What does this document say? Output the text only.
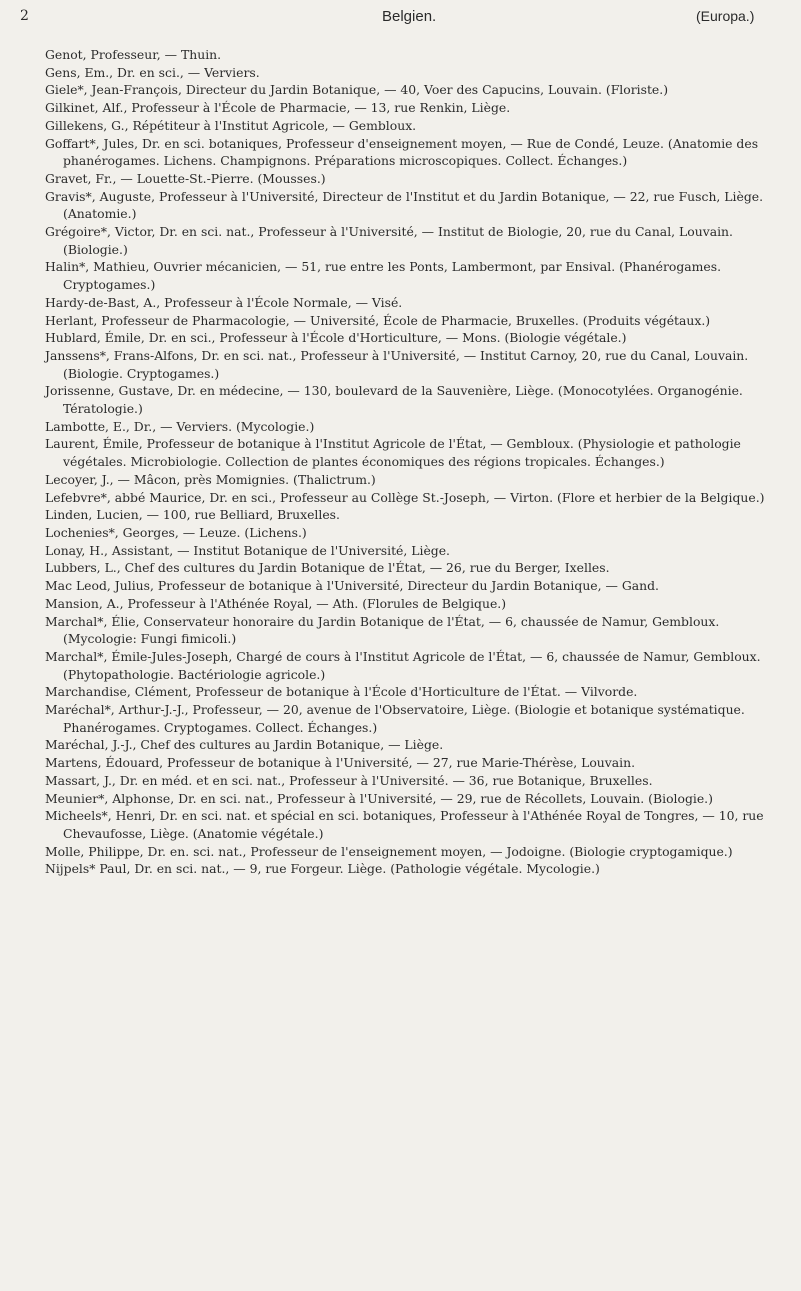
2	Belgien.	(Europa.)

Genot, Professeur, — Thuin.

Gens, Em., Dr. en sci., — Verviers.

Giele*, Jean-François, Directeur du Jardin Botanique, — 40, Voer des Capucins, Louvain. (Floriste.)

Gilkinet, Alf., Professeur à l'École de Pharmacie, — 13, rue Renkin, Liège.

Gillekens, G., Répétiteur à l'Institut Agricole, — Gembloux.

Goffart*, Jules, Dr. en sci. botaniques, Professeur d'enseignement moyen, — Rue de Condé, Leuze. (Anatomie des phanérogames. Lichens. Champignons. Préparations microscopiques. Collect. Échanges.)

Gravet, Fr., — Louette-St.-Pierre. (Mousses.)

Gravis*, Auguste, Professeur à l'Université, Directeur de l'Institut et du Jardin Botanique, — 22, rue Fusch, Liège. (Anatomie.)

Grégoire*, Victor, Dr. en sci. nat., Professeur à l'Université, — Institut de Biologie, 20, rue du Canal, Louvain. (Biologie.)

Halin*, Mathieu, Ouvrier mécanicien, — 51, rue entre les Ponts, Lambermont, par Ensival. (Phanérogames. Cryptogames.)

Hardy-de-Bast, A., Professeur à l'École Normale, — Visé.

Herlant, Professeur de Pharmacologie, — Université, École de Pharmacie, Bruxelles. (Produits végétaux.)

Hublard, Émile, Dr. en sci., Professeur à l'École d'Horticulture, — Mons. (Biologie végétale.)

Janssens*, Frans-Alfons, Dr. en sci. nat., Professeur à l'Université, — Institut Carnoy, 20, rue du Canal, Louvain. (Biologie. Cryptogames.)

Jorissenne, Gustave, Dr. en médecine, — 130, boulevard de la Sauvenière, Liège. (Monocotylées. Organogénie. Tératologie.)

Lambotte, E., Dr., — Verviers. (Mycologie.)

Laurent, Émile, Professeur de botanique à l'Institut Agricole de l'État, — Gembloux. (Physiologie et pathologie végétales. Microbiologie. Collection de plantes économiques des régions tropicales. Échanges.)

Lecoyer, J., — Mâcon, près Momignies. (Thalictrum.)

Lefebvre*, abbé Maurice, Dr. en sci., Professeur au Collège St.-Joseph, — Virton. (Flore et herbier de la Belgique.)

Linden, Lucien, — 100, rue Belliard, Bruxelles.

Lochenies*, Georges, — Leuze. (Lichens.)

Lonay, H., Assistant, — Institut Botanique de l'Université, Liège.

Lubbers, L., Chef des cultures du Jardin Botanique de l'État, — 26, rue du Berger, Ixelles.

Mac Leod, Julius, Professeur de botanique à l'Université, Directeur du Jardin Botanique, — Gand.

Mansion, A., Professeur à l'Athénée Royal, — Ath. (Florules de Belgique.)

Marchal*, Élie, Conservateur honoraire du Jardin Botanique de l'État, — 6, chaussée de Namur, Gembloux. (Mycologie: Fungi fimicoli.)

Marchal*, Émile-Jules-Joseph, Chargé de cours à l'Institut Agricole de l'État, — 6, chaussée de Namur, Gembloux. (Phytopathologie. Bactériologie agricole.)

Marchandise, Clément, Professeur de botanique à l'École d'Horticulture de l'État. — Vilvorde.

Maréchal*, Arthur-J.-J., Professeur, — 20, avenue de l'Observatoire, Liège. (Biologie et botanique systématique. Phanérogames. Cryptogames. Collect. Échanges.)

Maréchal, J.-J., Chef des cultures au Jardin Botanique, — Liège.

Martens, Édouard, Professeur de botanique à l'Université, — 27, rue Marie-Thérèse, Louvain.

Massart, J., Dr. en méd. et en sci. nat., Professeur à l'Université. — 36, rue Botanique, Bruxelles.

Meunier*, Alphonse, Dr. en sci. nat., Professeur à l'Université, — 29, rue de Récollets, Louvain. (Biologie.)

Micheels*, Henri, Dr. en sci. nat. et spécial en sci. botaniques, Professeur à l'Athénée Royal de Tongres, — 10, rue Chevaufosse, Liège. (Anatomie végétale.)

Molle, Philippe, Dr. en. sci. nat., Professeur de l'enseignement moyen, — Jodoigne. (Biologie cryptogamique.)

Nijpels* Paul, Dr. en sci. nat., — 9, rue Forgeur. Liège. (Pathologie végétale. Mycologie.)
